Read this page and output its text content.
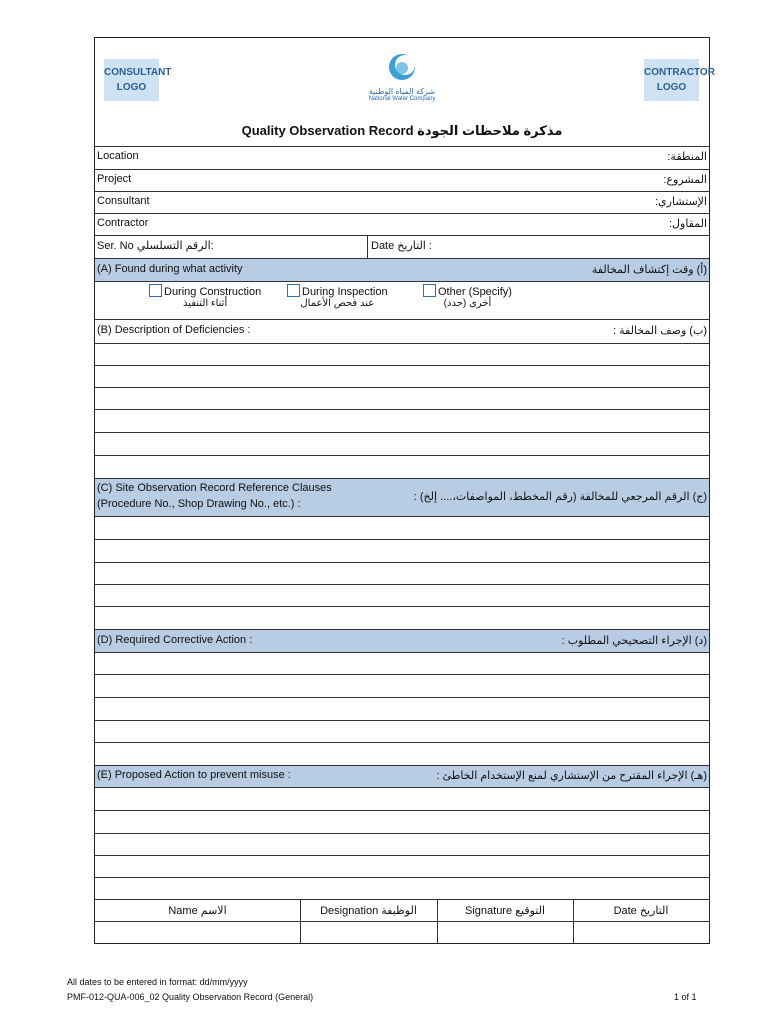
CONSULTANT LOGO	شركة المياه الوطنية
National Water Company
CONTRACTOR LOGO
Quality Observation Record مذكرة ملاحظات الجودة
Location	المنطقة:
Project	المشروع:
Consultant	الإستشاري:
Contractor	المقاول:
Ser. No الرقم التسلسلي:	Date التاريخ :
(A) Found during what activity	(أ) وقت إكتشاف المخالفة
During Construction
أثناء التنفيذ
During Inspection
عند فحص الأعمال
Other (Specify)
أخرى (حدد)
(B) Description of Deficiencies :	(ب) وصف المخالفة :
(C) Site Observation Record Reference Clauses
(Procedure No., Shop Drawing No., etc.) :
(ج) الرقم المرجعي للمخالفة (رقم المخطط، المواصفات،.... إلخ) :
(D) Required Corrective Action :	(د) الإجراء التصحيحي المطلوب :
(E) Proposed Action to prevent misuse :	(هـ) الإجراء المقترح من الإستشاري لمنع الإستخدام الخاطئ :
Name الاسم	Designation الوظيفة	Signature التوقيع	Date التاريخ
All dates to be entered in format: dd/mm/yyyy
PMF-012-QUA-006_02 Quality Observation Record (General)	1 of 1
